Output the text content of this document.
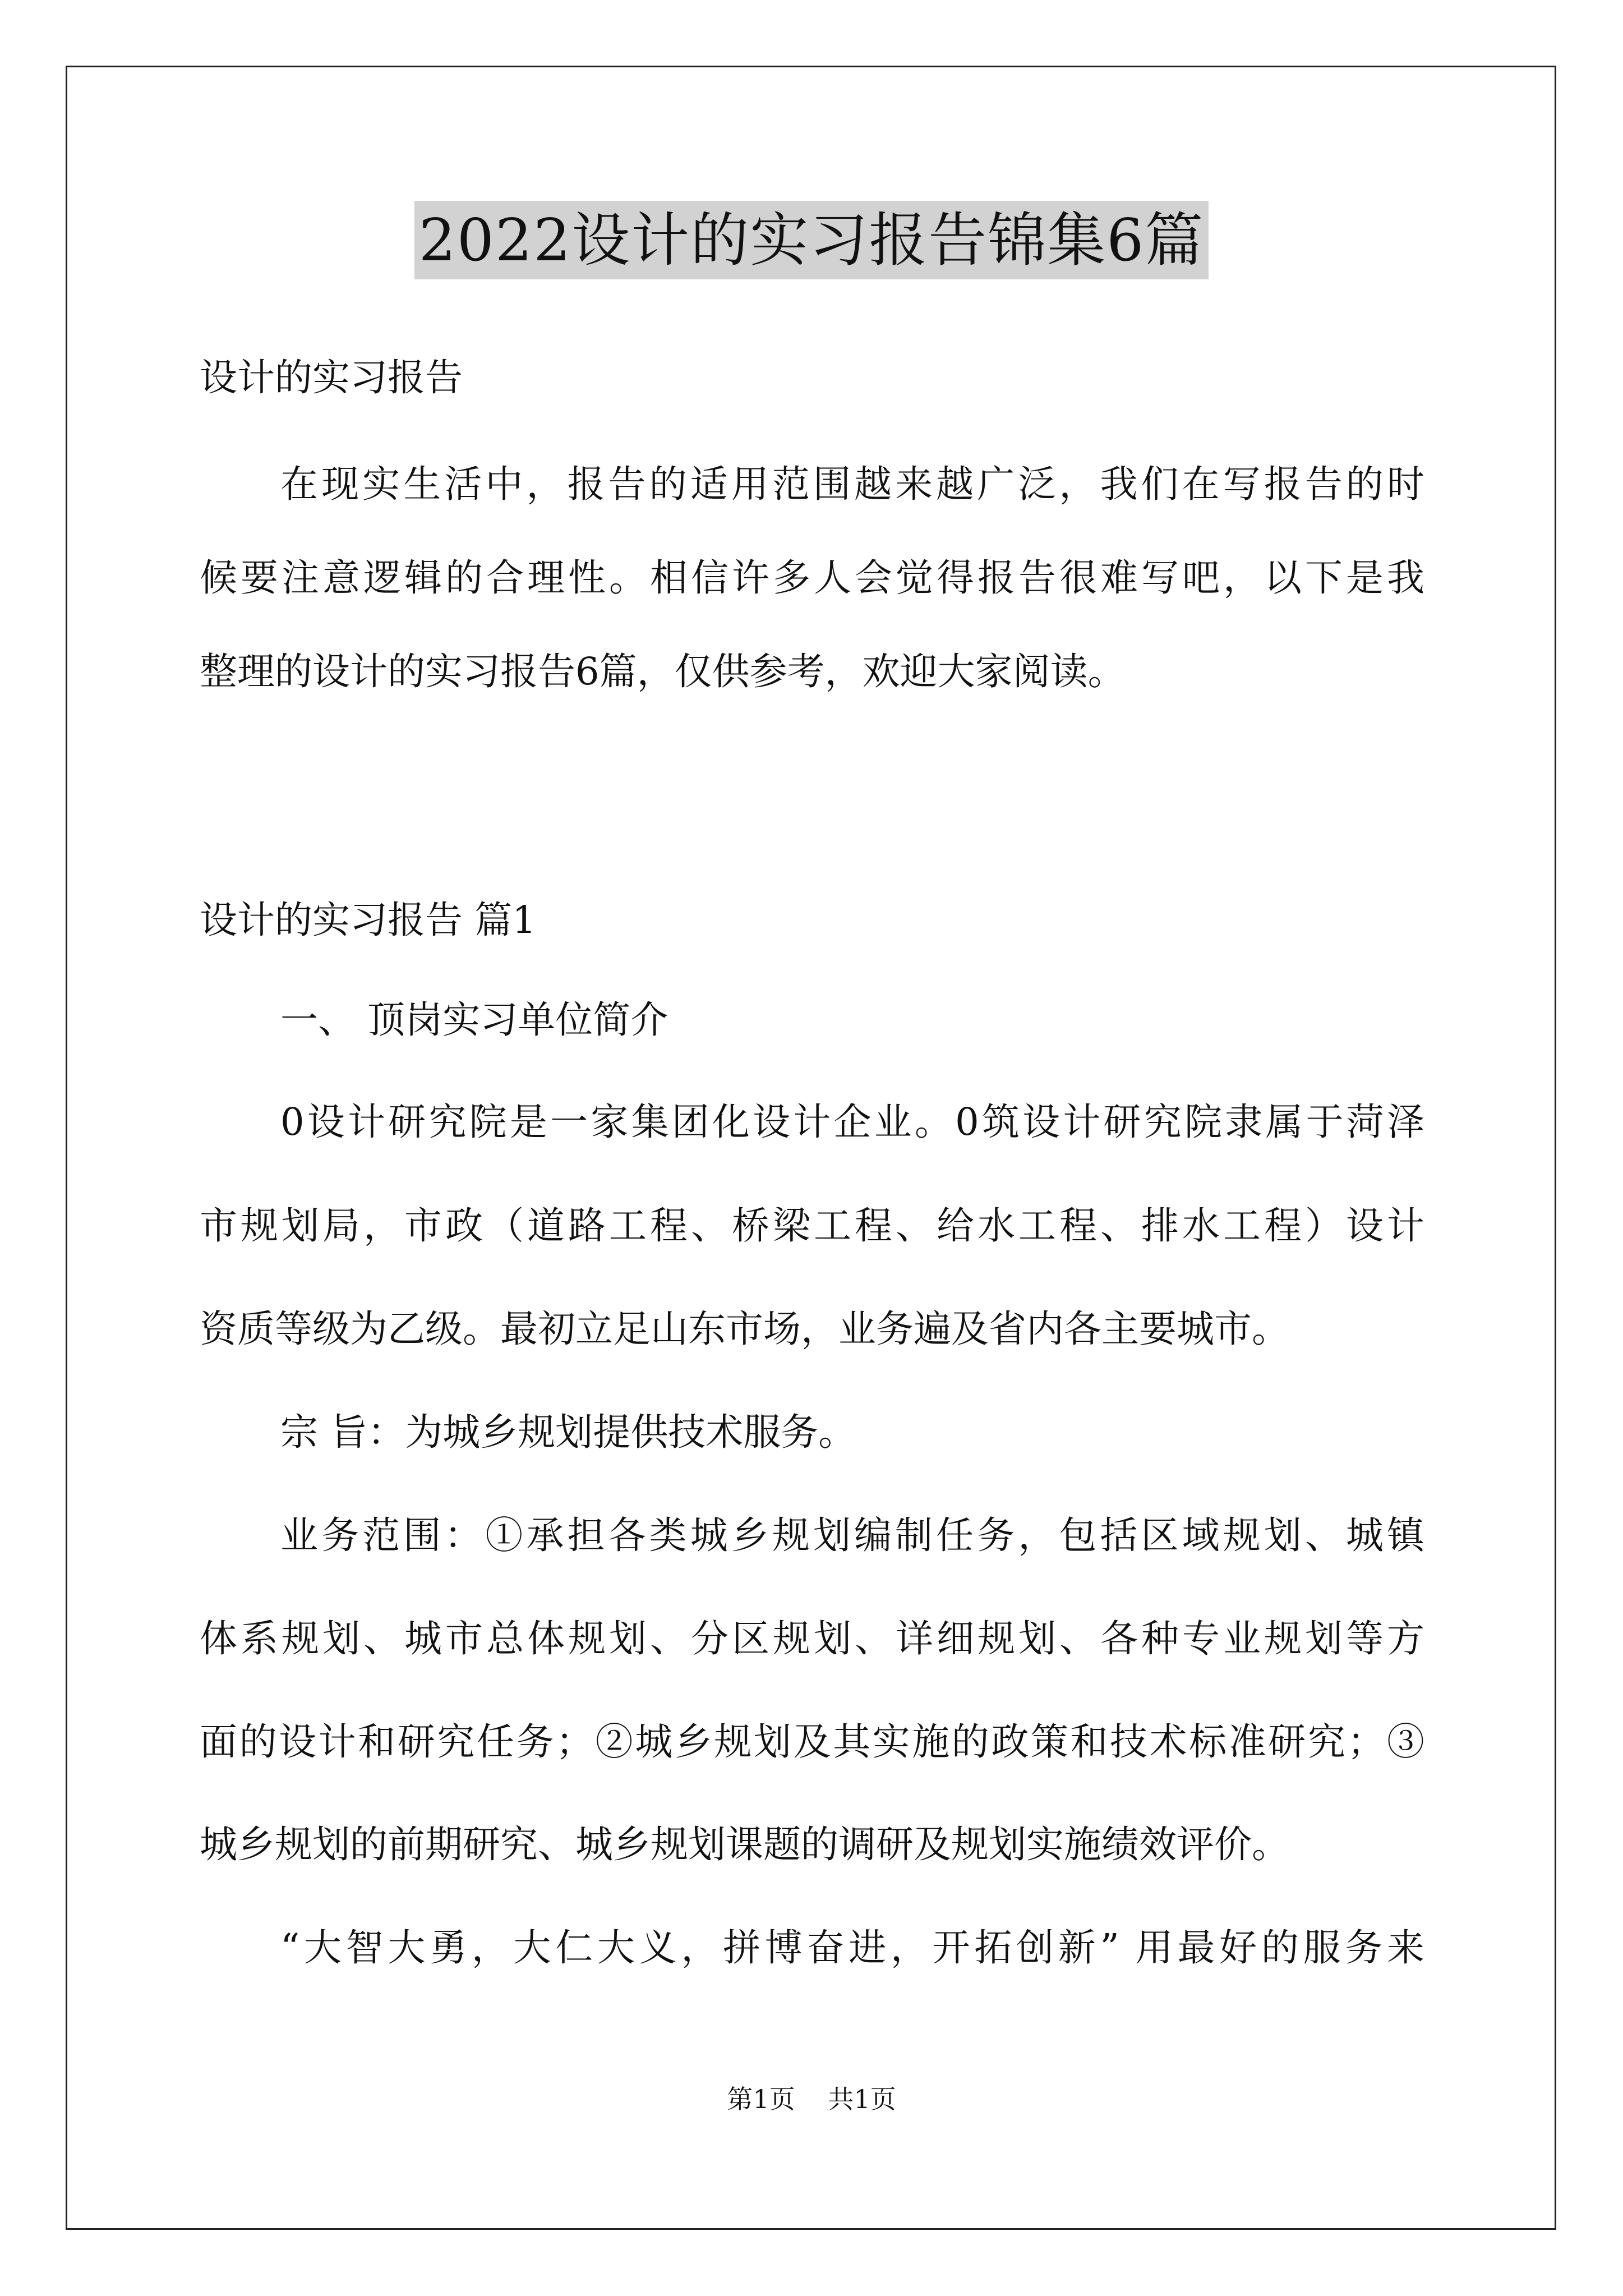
2022设计的实习报告锦集6篇
设计的实习报告
在现实生活中，报告的适用范围越来越广泛，我们在写报告的时
候要注意逻辑的合理性。相信许多人会觉得报告很难写吧，以下是我
整理的设计的实习报告6篇，仅供参考，欢迎大家阅读。
设计的实习报告 篇1
一、 顶岗实习单位简介
0设计研究院是一家集团化设计企业。0筑设计研究院隶属于菏泽
市规划局，市政（道路工程、桥梁工程、给水工程、排水工程）设计
资质等级为乙级。最初立足山东市场，业务遍及省内各主要城市。
宗 旨：为城乡规划提供技术服务。
业务范围：①承担各类城乡规划编制任务，包括区域规划、城镇
体系规划、城市总体规划、分区规划、详细规划、各种专业规划等方
面的设计和研究任务；②城乡规划及其实施的政策和技术标准研究；③
城乡规划的前期研究、城乡规划课题的调研及规划实施绩效评价。
“大智大勇，大仁大义，拼博奋进，开拓创新” 用最好的服务来
第1页 共1页
